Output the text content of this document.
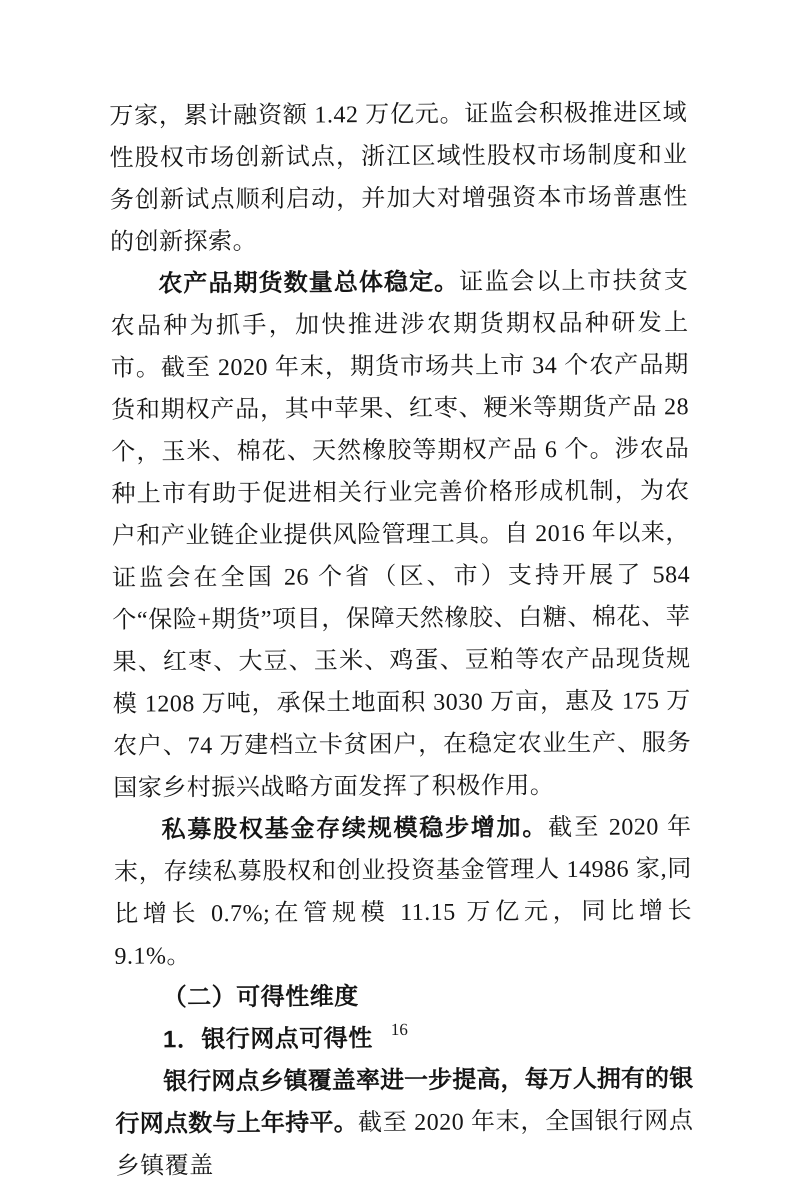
万家，累计融资额 1.42 万亿元。证监会积极推进区域性股权市场创新试点，浙江区域性股权市场制度和业务创新试点顺利启动，并加大对增强资本市场普惠性的创新探索。

农产品期货数量总体稳定。证监会以上市扶贫支农品种为抓手，加快推进涉农期货期权品种研发上市。截至 2020 年末，期货市场共上市 34 个农产品期货和期权产品，其中苹果、红枣、粳米等期货产品 28 个，玉米、棉花、天然橡胶等期权产品 6 个。涉农品种上市有助于促进相关行业完善价格形成机制，为农户和产业链企业提供风险管理工具。自 2016 年以来，证监会在全国 26 个省（区、市）支持开展了 584 个“保险+期货”项目，保障天然橡胶、白糖、棉花、苹果、红枣、大豆、玉米、鸡蛋、豆粕等农产品现货规模 1208 万吨，承保土地面积 3030 万亩，惠及 175 万农户、74 万建档立卡贫困户，在稳定农业生产、服务国家乡村振兴战略方面发挥了积极作用。

私募股权基金存续规模稳步增加。截至 2020 年末，存续私募股权和创业投资基金管理人 14986 家,同比增长 0.7%;在管规模 11.15 万亿元，同比增长 9.1%。

（二）可得性维度
1．银行网点可得性

银行网点乡镇覆盖率进一步提高，每万人拥有的银行网点数与上年持平。截至 2020 年末，全国银行网点乡镇覆盖

16
